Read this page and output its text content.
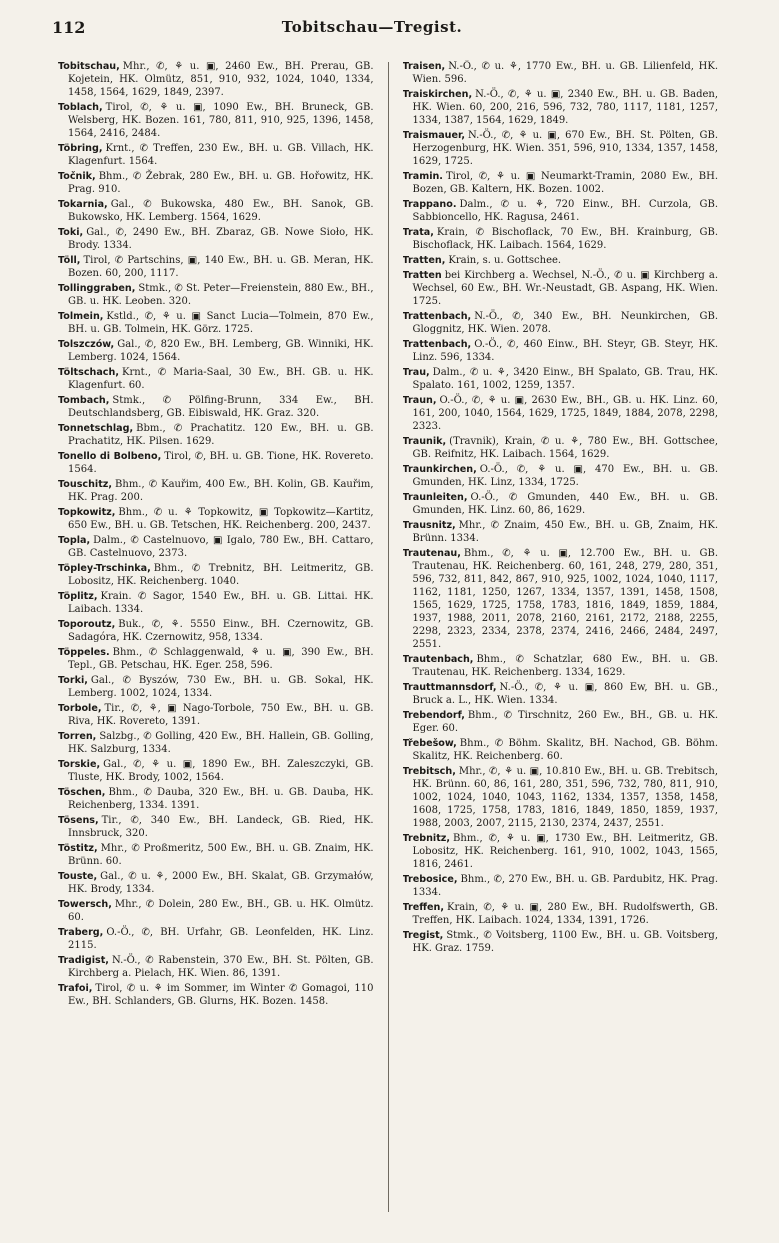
112	Tobitschau—Tregist.

Tobitschau, Mhr., ✆, ⚘ u. ▣, 2460 Ew., BH. Prerau, GB. Kojetein, HK. Olmütz, 851, 910, 932, 1024, 1040, 1334, 1458, 1564, 1629, 1849, 2397.

Toblach, Tirol, ✆, ⚘ u. ▣, 1090 Ew., BH. Bruneck, GB. Welsberg, HK. Bozen. 161, 780, 811, 910, 925, 1396, 1458, 1564, 2416, 2484.

Töbring, Krnt., ✆ Treffen, 230 Ew., BH. u. GB. Villach, HK. Klagenfurt. 1564.

Točnik, Bhm., ✆ Žebrak, 280 Ew., BH. u. GB. Hořowitz, HK. Prag. 910.

Tokarnia, Gal., ✆ Bukowska, 480 Ew., BH. Sanok, GB. Bukowsko, HK. Lemberg. 1564, 1629.

Toki, Gal., ✆, 2490 Ew., BH. Zbaraz, GB. Nowe Sioło, HK. Brody. 1334.

Töll, Tirol, ✆ Partschins, ▣, 140 Ew., BH. u. GB. Meran, HK. Bozen. 60, 200, 1117.

Tollinggraben, Stmk., ✆ St. Peter—Freienstein, 880 Ew., BH., GB. u. HK. Leoben. 320.

Tolmein, Kstld., ✆, ⚘ u. ▣ Sanct Lucia—Tolmein, 870 Ew., BH. u. GB. Tolmein, HK. Görz. 1725.

Tolszczów, Gal., ✆, 820 Ew., BH. Lemberg, GB. Winniki, HK. Lemberg. 1024, 1564.

Töltschach, Krnt., ✆ Maria-Saal, 30 Ew., BH. GB. u. HK. Klagenfurt. 60.

Tombach, Stmk., ✆ Pölfing-Brunn, 334 Ew., BH. Deutschlandsberg, GB. Eibiswald, HK. Graz. 320.

Tonnetschlag, Bbm., ✆ Prachatitz. 120 Ew., BH. u. GB. Prachatitz, HK. Pilsen. 1629.

Tonello di Bolbeno, Tirol, ✆, BH. u. GB. Tione, HK. Rovereto. 1564.

Touschitz, Bhm., ✆ Kauřim, 400 Ew., BH. Kolin, GB. Kauřim, HK. Prag. 200.

Topkowitz, Bhm., ✆ u. ⚘ Topkowitz, ▣ Topkowitz—Kartitz, 650 Ew., BH. u. GB. Tetschen, HK. Reichenberg. 200, 2437.

Topla, Dalm., ✆ Castelnuovo, ▣ Igalo, 780 Ew., BH. Cattaro, GB. Castelnuovo, 2373.

Töpley-Trschinka, Bhm., ✆ Trebnitz, BH. Leitmeritz, GB. Lobositz, HK. Reichenberg. 1040.

Töplitz, Krain. ✆ Sagor, 1540 Ew., BH. u. GB. Littai. HK. Laibach. 1334.

Toporoutz, Buk., ✆, ⚘. 5550 Einw., BH. Czernowitz, GB. Sadagóra, HK. Czernowitz, 958, 1334.

Töppeles. Bhm., ✆ Schlaggenwald, ⚘ u. ▣, 390 Ew., BH. Tepl., GB. Petschau, HK. Eger. 258, 596.

Torki, Gal., ✆ Byszów, 730 Ew., BH. u. GB. Sokal, HK. Lemberg. 1002, 1024, 1334.

Torbole, Tir., ✆, ⚘, ▣ Nago-Torbole, 750 Ew., BH. u. GB. Riva, HK. Rovereto, 1391.

Torren, Salzbg., ✆ Golling, 420 Ew., BH. Hallein, GB. Golling, HK. Salzburg, 1334.

Torskie, Gal., ✆, ⚘ u. ▣, 1890 Ew., BH. Zaleszczyki, GB. Tluste, HK. Brody, 1002, 1564.

Töschen, Bhm., ✆ Dauba, 320 Ew., BH. u. GB. Dauba, HK. Reichenberg, 1334. 1391.

Tösens, Tir., ✆, 340 Ew., BH. Landeck, GB. Ried, HK. Innsbruck, 320.

Töstitz, Mhr., ✆ Proßmeritz, 500 Ew., BH. u. GB. Znaim, HK. Brünn. 60.

Touste, Gal., ✆ u. ⚘, 2000 Ew., BH. Skalat, GB. Grzymałów, HK. Brody, 1334.

Towersch, Mhr., ✆ Dolein, 280 Ew., BH., GB. u. HK. Olmütz. 60.

Traberg, O.-Ö., ✆, BH. Urfahr, GB. Leonfelden, HK. Linz. 2115.

Tradigist, N.-Ö., ✆ Rabenstein, 370 Ew., BH. St. Pölten, GB. Kirchberg a. Pielach, HK. Wien. 86, 1391.

Trafoi, Tirol, ✆ u. ⚘ im Sommer, im Winter ✆ Gomagoi, 110 Ew., BH. Schlanders, GB. Glurns, HK. Bozen. 1458.

Traisen, N.-Ö., ✆ u. ⚘, 1770 Ew., BH. u. GB. Lilienfeld, HK. Wien. 596.

Traiskirchen, N.-Ö., ✆, ⚘ u. ▣, 2340 Ew., BH. u. GB. Baden, HK. Wien. 60, 200, 216, 596, 732, 780, 1117, 1181, 1257, 1334, 1387, 1564, 1629, 1849.

Traismauer, N.-Ö., ✆, ⚘ u. ▣, 670 Ew., BH. St. Pölten, GB. Herzogenburg, HK. Wien. 351, 596, 910, 1334, 1357, 1458, 1629, 1725.

Tramin. Tirol, ✆, ⚘ u. ▣ Neumarkt-Tramin, 2080 Ew., BH. Bozen, GB. Kaltern, HK. Bozen. 1002.

Trappano. Dalm., ✆ u. ⚘, 720 Einw., BH. Curzola, GB. Sabbioncello, HK. Ragusa, 2461.

Trata, Krain, ✆ Bischoflack, 70 Ew., BH. Krainburg, GB. Bischoflack, HK. Laibach. 1564, 1629.

Tratten, Krain, s. u. Gottschee.

Tratten bei Kirchberg a. Wechsel, N.-Ö., ✆ u. ▣ Kirchberg a. Wechsel, 60 Ew., BH. Wr.-Neustadt, GB. Aspang, HK. Wien. 1725.

Trattenbach, N.-Ö., ✆, 340 Ew., BH. Neunkirchen, GB. Gloggnitz, HK. Wien. 2078.

Trattenbach, O.-Ö., ✆, 460 Einw., BH. Steyr, GB. Steyr, HK. Linz. 596, 1334.

Trau, Dalm., ✆ u. ⚘, 3420 Einw., BH Spalato, GB. Trau, HK. Spalato. 161, 1002, 1259, 1357.

Traun, O.-Ö., ✆, ⚘ u. ▣, 2630 Ew., BH., GB. u. HK. Linz. 60, 161, 200, 1040, 1564, 1629, 1725, 1849, 1884, 2078, 2298, 2323.

Traunik, (Travnik), Krain, ✆ u. ⚘, 780 Ew., BH. Gottschee, GB. Reifnitz, HK. Laibach. 1564, 1629.

Traunkirchen, O.-Ö., ✆, ⚘ u. ▣, 470 Ew., BH. u. GB. Gmunden, HK. Linz, 1334, 1725.

Traunleiten, O.-Ö., ✆ Gmunden, 440 Ew., BH. u. GB. Gmunden, HK. Linz. 60, 86, 1629.

Trausnitz, Mhr., ✆ Znaim, 450 Ew., BH. u. GB, Znaim, HK. Brünn. 1334.

Trautenau, Bhm., ✆, ⚘ u. ▣, 12.700 Ew., BH. u. GB. Trautenau, HK. Reichenberg. 60, 161, 248, 279, 280, 351, 596, 732, 811, 842, 867, 910, 925, 1002, 1024, 1040, 1117, 1162, 1181, 1250, 1267, 1334, 1357, 1391, 1458, 1508, 1565, 1629, 1725, 1758, 1783, 1816, 1849, 1859, 1884, 1937, 1988, 2011, 2078, 2160, 2161, 2172, 2188, 2255, 2298, 2323, 2334, 2378, 2374, 2416, 2466, 2484, 2497, 2551.

Trautenbach, Bhm., ✆ Schatzlar, 680 Ew., BH. u. GB. Trautenau, HK. Reichenberg. 1334, 1629.

Trauttmannsdorf, N.-Ö., ✆, ⚘ u. ▣, 860 Ew, BH. u. GB., Bruck a. L., HK. Wien. 1334.

Trebendorf, Bhm., ✆ Tirschnitz, 260 Ew., BH., GB. u. HK. Eger. 60.

Třebešow, Bhm., ✆ Böhm. Skalitz, BH. Nachod, GB. Böhm. Skalitz, HK. Reichenberg. 60.

Trebitsch, Mhr., ✆, ⚘ u. ▣, 10.810 Ew., BH. u. GB. Trebitsch, HK. Brünn. 60, 86, 161, 280, 351, 596, 732, 780, 811, 910, 1002, 1024, 1040, 1043, 1162, 1334, 1357, 1358, 1458, 1608, 1725, 1758, 1783, 1816, 1849, 1850, 1859, 1937, 1988, 2003, 2007, 2115, 2130, 2374, 2437, 2551.

Trebnitz, Bhm., ✆, ⚘ u. ▣, 1730 Ew., BH. Leitmeritz, GB. Lobositz, HK. Reichenberg. 161, 910, 1002, 1043, 1565, 1816, 2461.

Trebosice, Bhm., ✆, 270 Ew., BH. u. GB. Pardubitz, HK. Prag. 1334.

Treffen, Krain, ✆, ⚘ u. ▣, 280 Ew., BH. Rudolfswerth, GB. Treffen, HK. Laibach. 1024, 1334, 1391, 1726.

Tregist, Stmk., ✆ Voitsberg, 1100 Ew., BH. u. GB. Voitsberg, HK. Graz. 1759.
